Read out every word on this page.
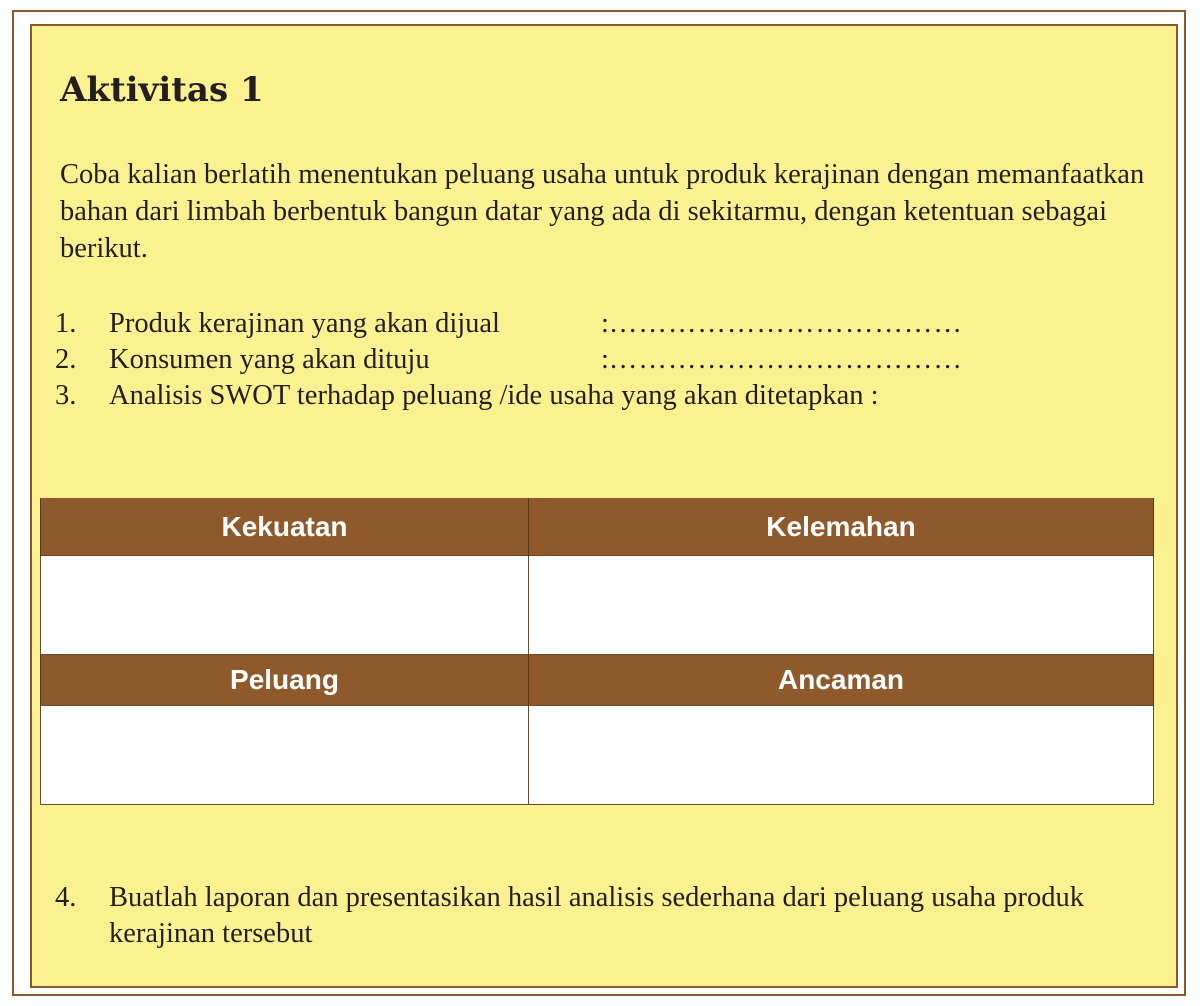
Aktivitas 1

Coba kalian berlatih menentukan peluang usaha untuk produk kerajinan dengan memanfaatkan bahan dari limbah berbentuk bangun datar yang ada di sekitarmu, dengan ketentuan sebagai berikut.

1.	Produk kerajinan yang akan dijual	: ………………………………
2.	Konsumen yang akan dituju	: ………………………………
3.	Analisis SWOT terhadap peluang /ide usaha yang akan ditetapkan :
Kekuatan	Kelemahan

Peluang	Ancaman

4.	Buatlah laporan dan presentasikan hasil analisis sederhana dari peluang usaha produk kerajinan tersebut
